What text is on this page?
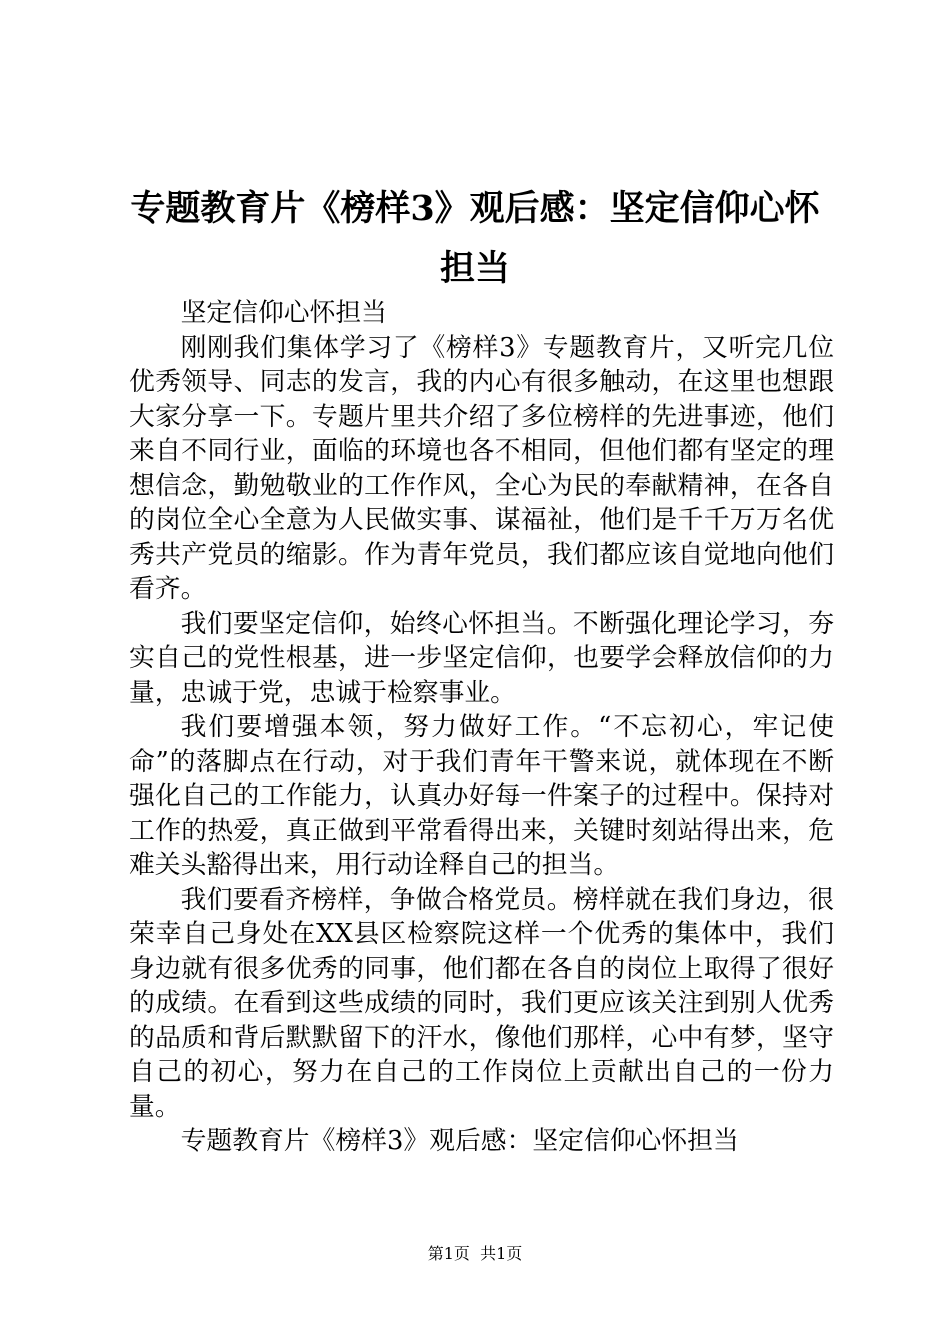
专题教育片《榜样3》观后感：坚定信仰心怀
担当

坚定信仰心怀担当

刚刚我们集体学习了《榜样3》专题教育片，又听完几位优秀领导、同志的发言，我的内心有很多触动，在这里也想跟大家分享一下。专题片里共介绍了多位榜样的先进事迹，他们来自不同行业，面临的环境也各不相同，但他们都有坚定的理想信念，勤勉敬业的工作作风，全心为民的奉献精神，在各自的岗位全心全意为人民做实事、谋福祉，他们是千千万万名优秀共产党员的缩影。作为青年党员，我们都应该自觉地向他们看齐。

我们要坚定信仰，始终心怀担当。不断强化理论学习，夯实自己的党性根基，进一步坚定信仰，也要学会释放信仰的力量，忠诚于党，忠诚于检察事业。

我们要增强本领，努力做好工作。“不忘初心，牢记使命”的落脚点在行动，对于我们青年干警来说，就体现在不断强化自己的工作能力，认真办好每一件案子的过程中。保持对工作的热爱，真正做到平常看得出来，关键时刻站得出来，危难关头豁得出来，用行动诠释自己的担当。

我们要看齐榜样，争做合格党员。榜样就在我们身边，很荣幸自己身处在XX县区检察院这样一个优秀的集体中，我们身边就有很多优秀的同事，他们都在各自的岗位上取得了很好的成绩。在看到这些成绩的同时，我们更应该关注到别人优秀的品质和背后默默留下的汗水，像他们那样，心中有梦，坚守自己的初心，努力在自己的工作岗位上贡献出自己的一份力量。

专题教育片《榜样3》观后感：坚定信仰心怀担当

第1页  共1页
